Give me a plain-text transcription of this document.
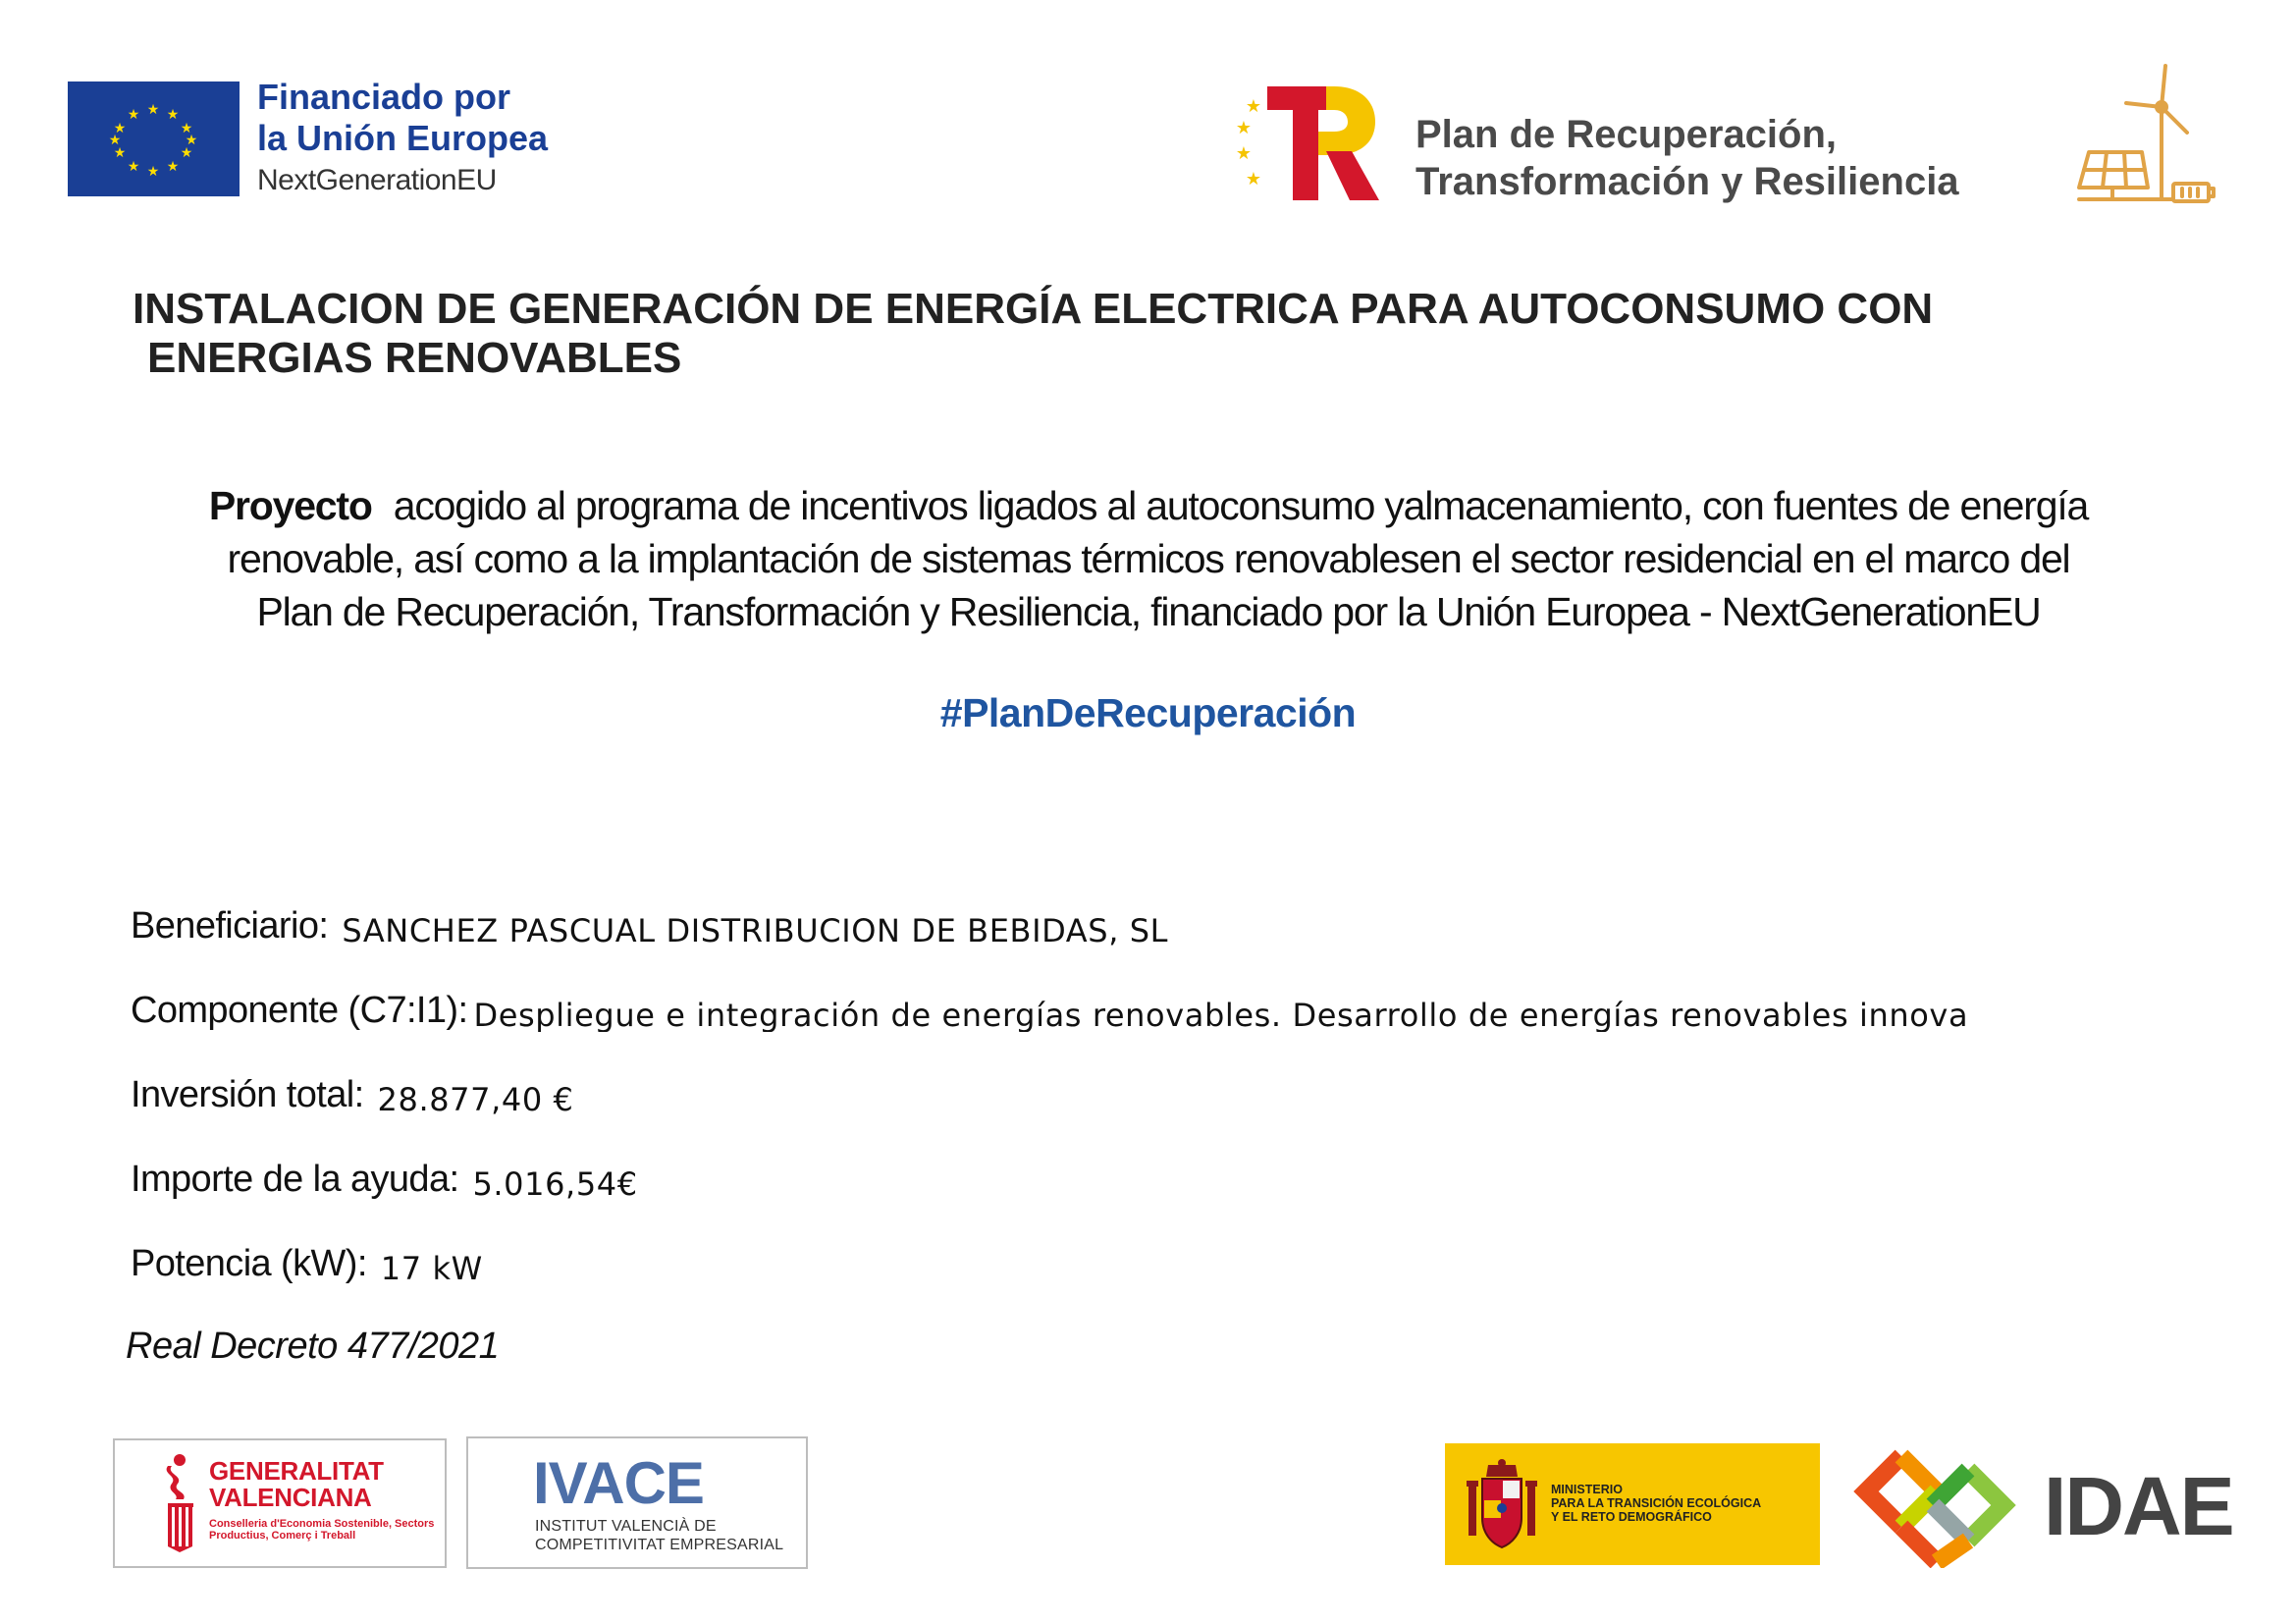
★ ★
★
★
★
★
★
★
★
★
★
★	Financiado por
la Unión Europea
NextGenerationEU
★
★
★
★
Plan de Recuperación,
Transformación y Resiliencia
INSTALACION DE GENERACIÓN DE ENERGÍA ELECTRICA PARA AUTOCONSUMO CON
ENERGIAS RENOVABLES
Proyecto acogido al programa de incentivos ligados al autoconsumo yalmacenamiento, con fuentes de energía
renovable, así como a la implantación de sistemas térmicos renovablesen el sector residencial en el marco del
Plan de Recuperación, Transformación y Resiliencia, financiado por la Unión Europea - NextGenerationEU
#PlanDeRecuperación
Beneficiario: SANCHEZ PASCUAL DISTRIBUCION DE BEBIDAS, SL
Componente (C7:I1): Despliegue e integración de energías renovables. Desarrollo de energías renovables innova
Inversión total: 28.877,40 €
Importe de la ayuda: 5.016,54€
Potencia (kW): 17 kW
Real Decreto 477/2021
GENERALITAT
VALENCIANA
Conselleria d'Economia Sostenible, Sectors Productius, Comerç i Treball
IVACE
INSTITUT VALENCIÀ DE
COMPETITIVITAT EMPRESARIAL
MINISTERIO
PARA LA TRANSICIÓN ECOLÓGICA
Y EL RETO DEMOGRÁFICO	IDAE
